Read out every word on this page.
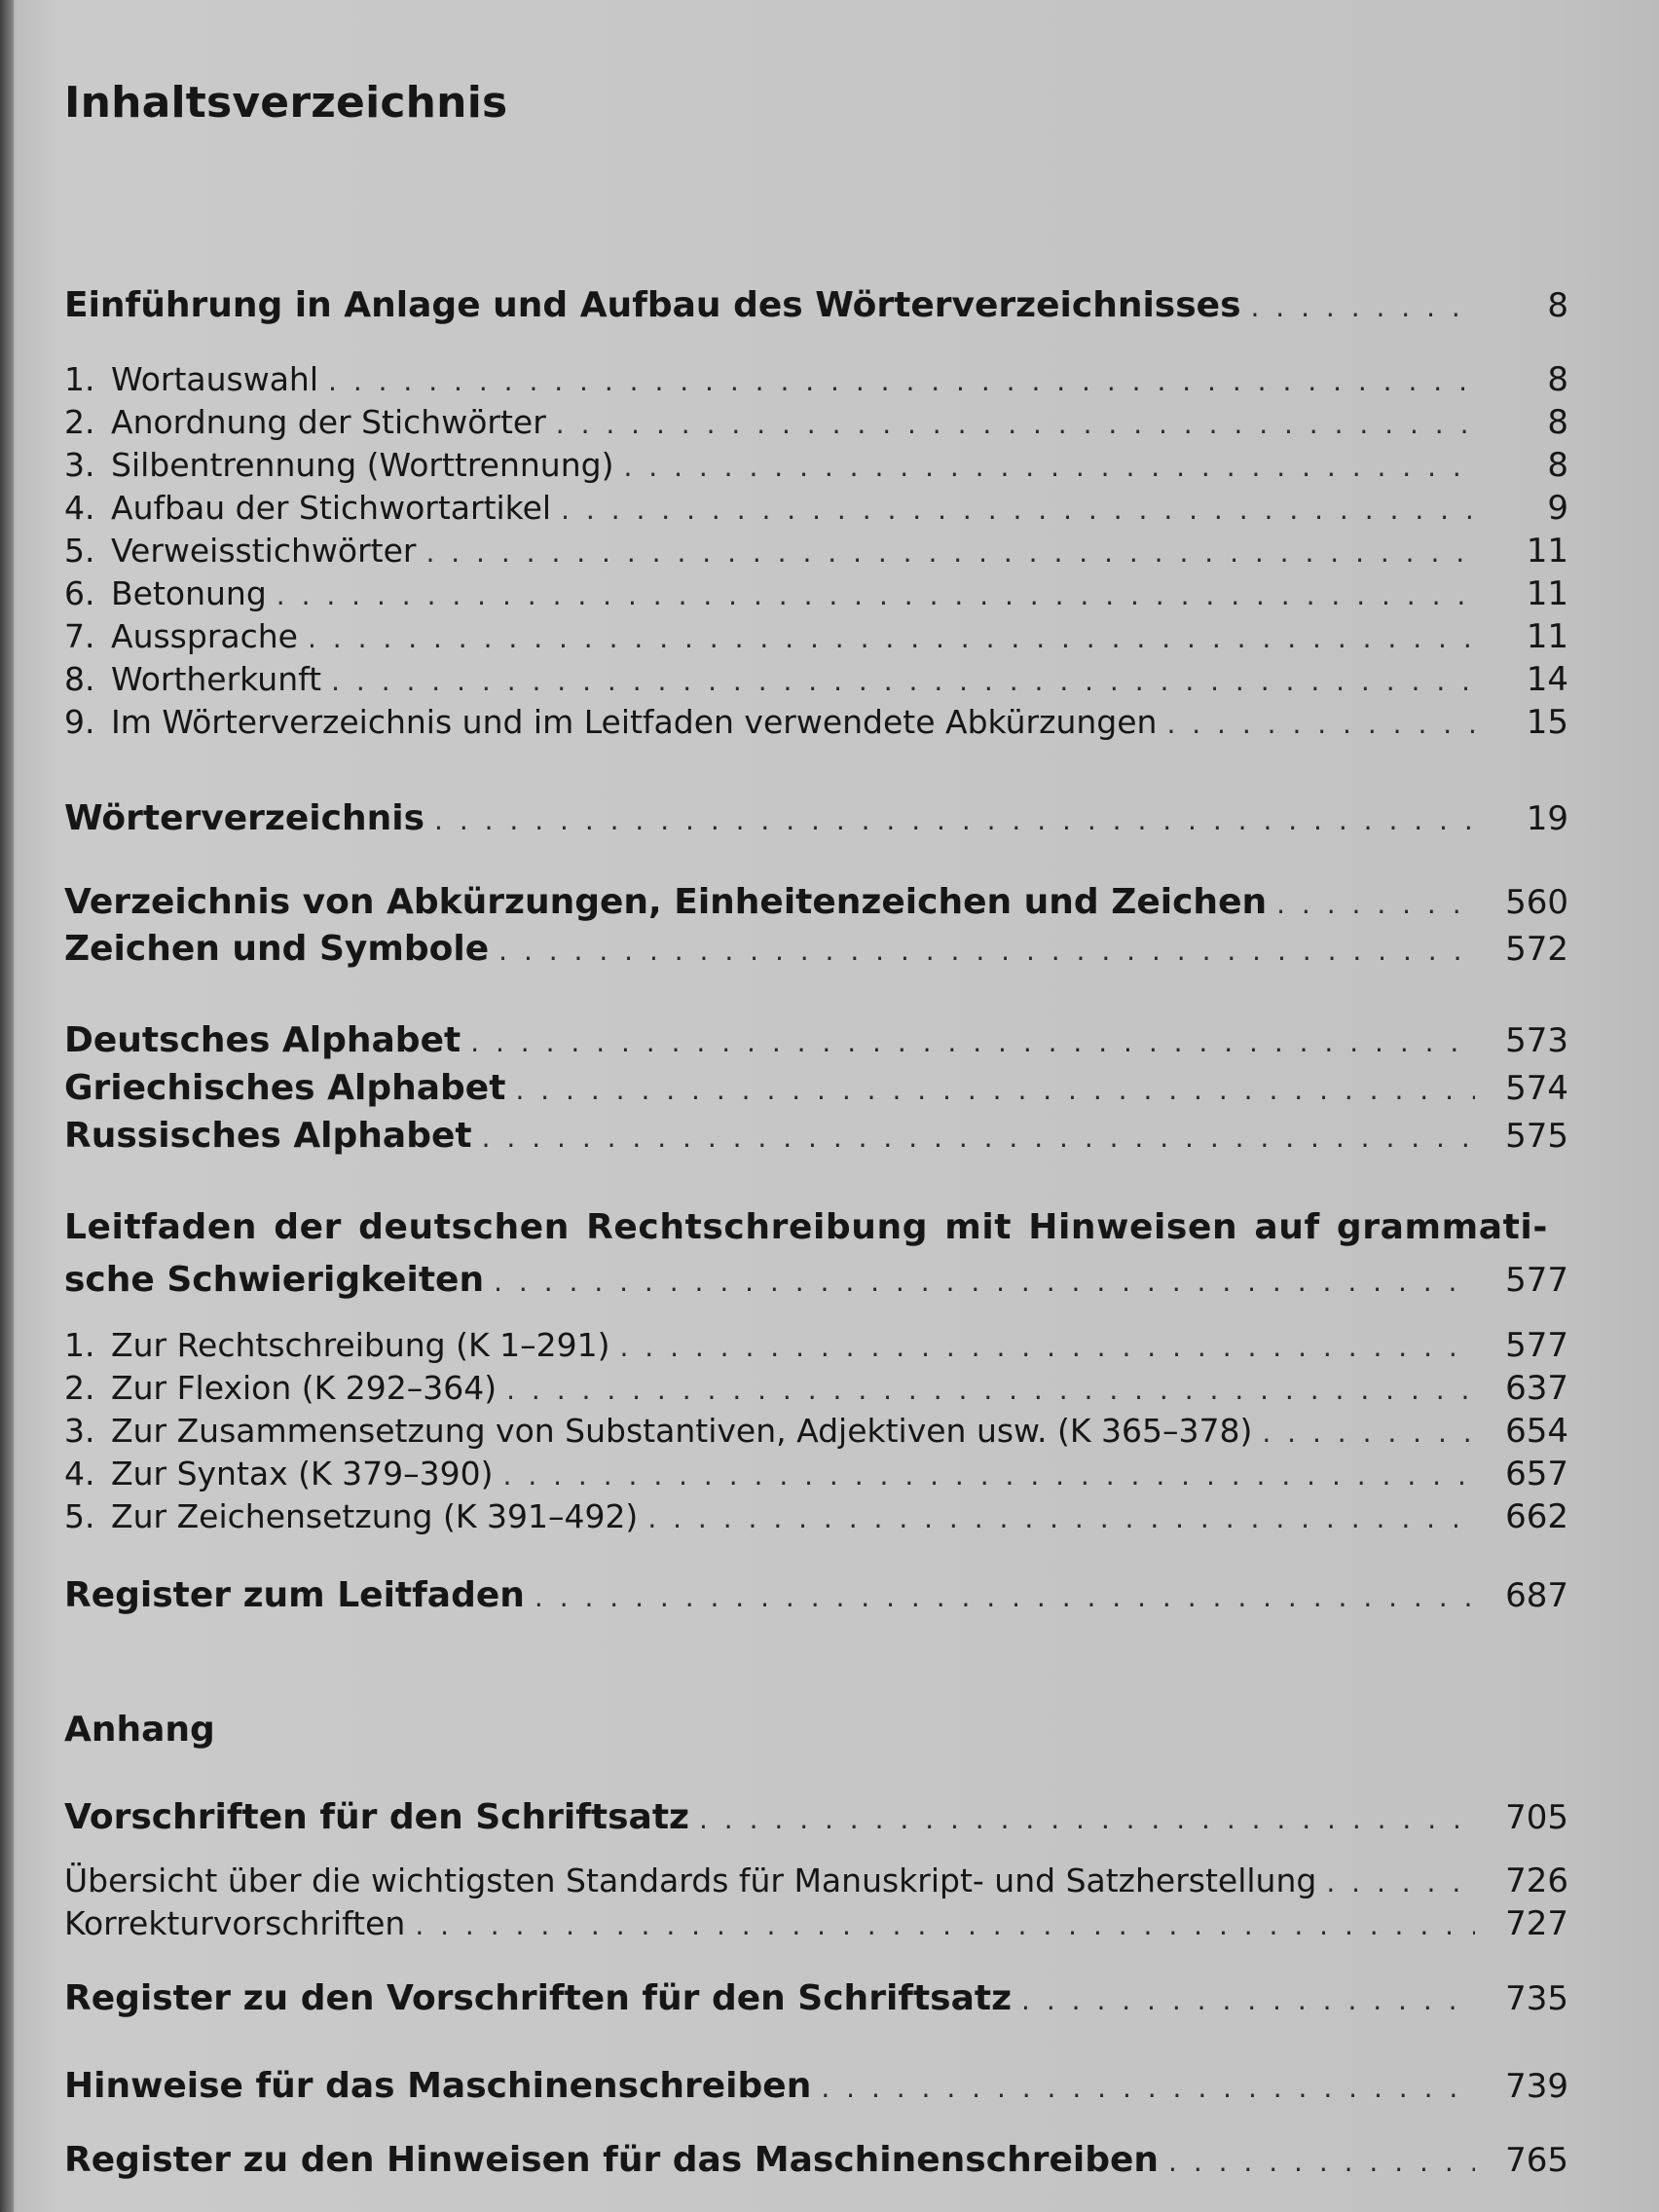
Inhaltsverzeichnis
Einführung in Anlage und Aufbau des Wörterverzeichnisses . . .	8
1. Wortauswahl . . .	8
2. Anordnung der Stichwörter . . .	8
3. Silbentrennung (Worttrennung) . . .	8
4. Aufbau der Stichwortartikel . . .	9
5. Verweisstichwörter . . .	11
6. Betonung . . .	11
7. Aussprache . . .	11
8. Wortherkunft . . .	14
9. Im Wörterverzeichnis und im Leitfaden verwendete Abkürzungen . . .	15
Wörterverzeichnis . . .	19
Verzeichnis von Abkürzungen, Einheitenzeichen und Zeichen . . .	560
Zeichen und Symbole . . .	572
Deutsches Alphabet . . .	573
Griechisches Alphabet . . .	574
Russisches Alphabet . . .	575
Leitfaden der deutschen Rechtschreibung mit Hinweisen auf grammati-
sche Schwierigkeiten . . .	577
1. Zur Rechtschreibung (K 1–291) . . .	577
2. Zur Flexion (K 292–364) . . .	637
3. Zur Zusammensetzung von Substantiven, Adjektiven usw. (K 365–378) . . .	654
4. Zur Syntax (K 379–390) . . .	657
5. Zur Zeichensetzung (K 391–492) . . .	662
Register zum Leitfaden . . .	687
Anhang
Vorschriften für den Schriftsatz . . .	705
Übersicht über die wichtigsten Standards für Manuskript- und Satzherstellung . . .	726
Korrekturvorschriften . . .	727
Register zu den Vorschriften für den Schriftsatz . . .	735
Hinweise für das Maschinenschreiben . . .	739
Register zu den Hinweisen für das Maschinenschreiben . . .	765
